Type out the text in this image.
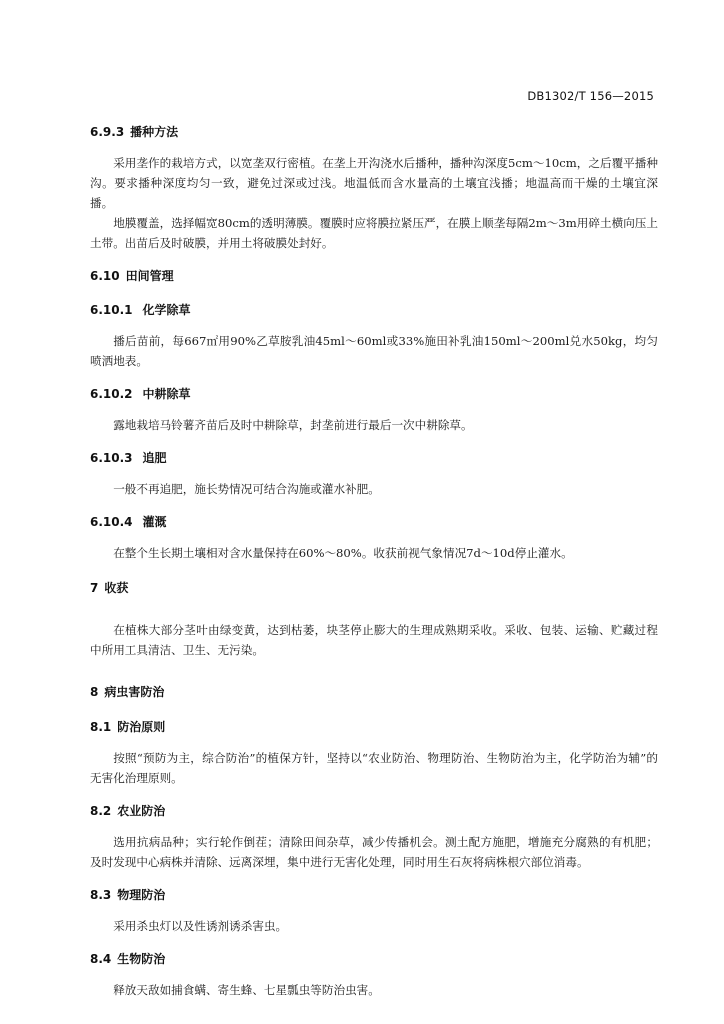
DB1302/T 156—2015
6.9.3 播种方法
采用垄作的栽培方式，以宽垄双行密植。在垄上开沟浇水后播种，播种沟深度5cm～10cm，之后覆平播种沟。要求播种深度均匀一致，避免过深或过浅。地温低而含水量高的土壤宜浅播；地温高而干燥的土壤宜深播。
地膜覆盖，选择幅宽80cm的透明薄膜。覆膜时应将膜拉紧压严，在膜上顺垄每隔2m～3m用碎土横向压上土带。出苗后及时破膜，并用土将破膜处封好。
6.10 田间管理
6.10.1 化学除草
播后苗前，每667㎡用90%乙草胺乳油45ml～60ml或33%施田补乳油150ml～200ml兑水50kg，均匀喷洒地表。
6.10.2 中耕除草
露地栽培马铃薯齐苗后及时中耕除草，封垄前进行最后一次中耕除草。
6.10.3 追肥
一般不再追肥，施长势情况可结合沟施或灌水补肥。
6.10.4 灌溉
在整个生长期土壤相对含水量保持在60%～80%。收获前视气象情况7d～10d停止灌水。
7 收获
在植株大部分茎叶由绿变黄，达到枯萎，块茎停止膨大的生理成熟期采收。采收、包装、运输、贮藏过程中所用工具清洁、卫生、无污染。
8 病虫害防治
8.1 防治原则
按照“预防为主，综合防治”的植保方针，坚持以“农业防治、物理防治、生物防治为主，化学防治为辅”的无害化治理原则。
8.2 农业防治
选用抗病品种；实行轮作倒茬；清除田间杂草，减少传播机会。测土配方施肥，增施充分腐熟的有机肥；及时发现中心病株并清除、远离深埋，集中进行无害化处理，同时用生石灰将病株根穴部位消毒。
8.3 物理防治
采用杀虫灯以及性诱剂诱杀害虫。
8.4 生物防治
释放天敌如捕食螨、寄生蜂、七星瓢虫等防治虫害。
